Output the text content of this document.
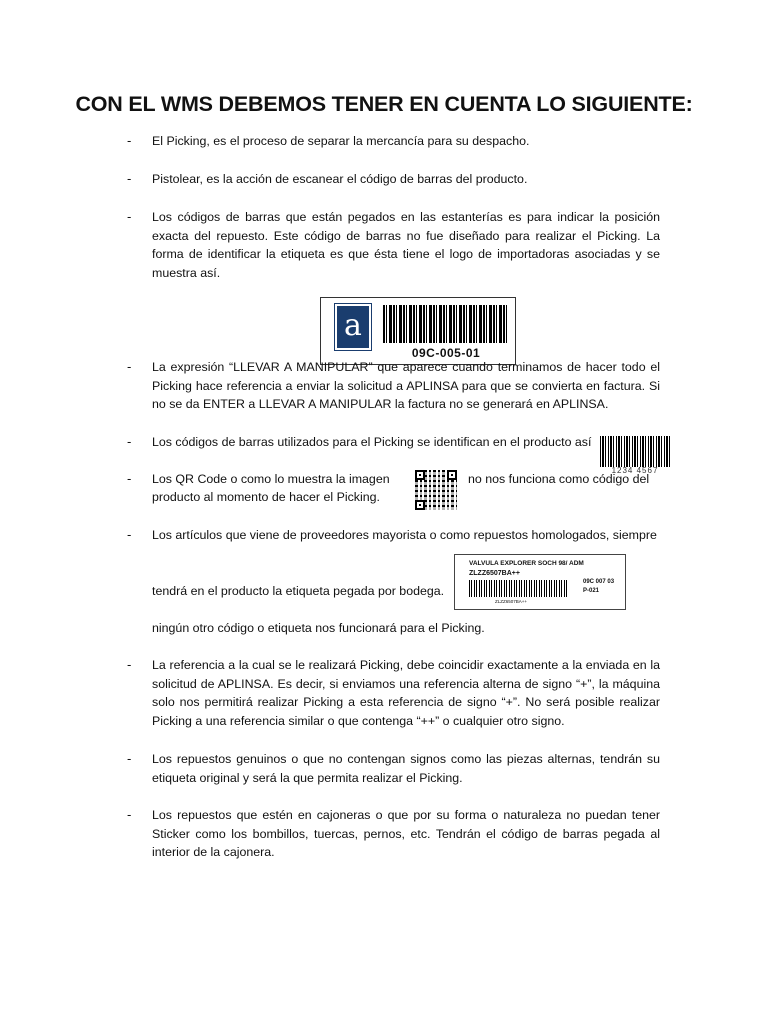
CON EL WMS DEBEMOS TENER EN CUENTA LO SIGUIENTE:
- El Picking, es el proceso de separar la mercancía para su despacho.
- Pistolear, es la acción de escanear el código de barras del producto.
- Los códigos de barras que están pegados en las estanterías es para indicar la posición exacta del repuesto. Este código de barras no fue diseñado para realizar el Picking. La forma de identificar la etiqueta es que ésta tiene el logo de importadoras asociadas y se muestra así.
a
09C-005-01
- La expresión “LLEVAR A MANIPULAR” que aparece cuando terminamos de hacer todo el Picking hace referencia a enviar la solicitud a APLINSA para que se convierta en factura. Si no se da ENTER a LLEVAR A MANIPULAR la factura no se generará en APLINSA.
- Los códigos de barras utilizados para el Picking se identifican en el producto así
1234 4567
- Los QR Code o como lo muestra la imagen	no nos funciona como código del
producto al momento de hacer el Picking.
- Los artículos que viene de proveedores mayorista o como repuestos homologados, siempre
tendrá en el producto la etiqueta pegada por bodega.
VALVULA EXPLORER SOCH 98/ ADM
ZLZZ6507BA++
ZLZZ6507BA++
09C 007 03
P-021
ningún otro código o etiqueta nos funcionará para el Picking.
- La referencia a la cual se le realizará Picking, debe coincidir exactamente a la enviada en la solicitud de APLINSA. Es decir, si enviamos una referencia alterna de signo “+”, la máquina solo nos permitirá realizar Picking a esta referencia de signo “+”. No será posible realizar Picking a una referencia similar o que contenga “++” o cualquier otro signo.
- Los repuestos genuinos o que no contengan signos como las piezas alternas, tendrán su etiqueta original y será la que permita realizar el Picking.
- Los repuestos que estén en cajoneras o que por su forma o naturaleza no puedan tener Sticker como los bombillos, tuercas, pernos, etc. Tendrán el código de barras pegada al interior de la cajonera.
